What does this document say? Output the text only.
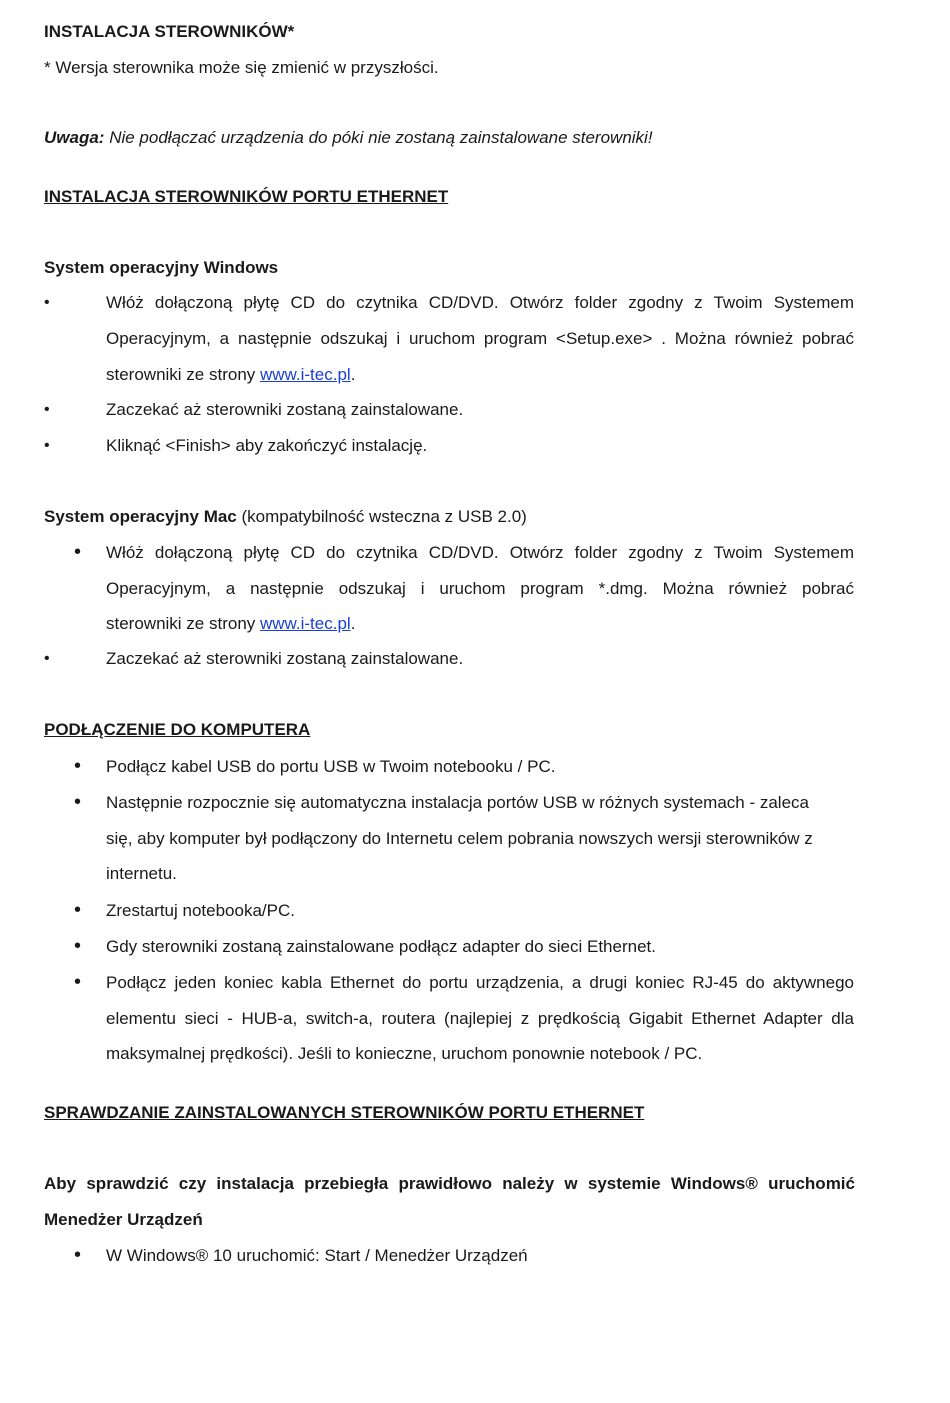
INSTALACJA STEROWNIKÓW*
* Wersja sterownika może się zmienić w przyszłości.
Uwaga: Nie podłączać urządzenia do póki nie zostaną zainstalowane sterowniki!
INSTALACJA STEROWNIKÓW PORTU ETHERNET
System operacyjny Windows
•	Włóż dołączoną płytę CD do czytnika CD/DVD. Otwórz folder zgodny z Twoim Systemem
Operacyjnym, a następnie odszukaj i uruchom program <Setup.exe> . Można również pobrać
sterowniki ze strony www.i-tec.pl.
•	Zaczekać aż sterowniki zostaną zainstalowane.
•	Kliknąć <Finish> aby zakończyć instalację.
System operacyjny Mac (kompatybilność wsteczna z USB 2.0)
• Włóż dołączoną płytę CD do czytnika CD/DVD. Otwórz folder zgodny z Twoim Systemem
Operacyjnym, a następnie odszukaj i uruchom program *.dmg. Można również pobrać
sterowniki ze strony www.i-tec.pl.
•	Zaczekać aż sterowniki zostaną zainstalowane.
PODŁĄCZENIE DO KOMPUTERA
• Podłącz kabel USB do portu USB w Twoim notebooku / PC.
• Następnie rozpocznie się automatyczna instalacja portów USB w różnych systemach - zaleca
się, aby komputer był podłączony do Internetu celem pobrania nowszych wersji sterowników z
internetu.
• Zrestartuj notebooka/PC.
• Gdy sterowniki zostaną zainstalowane podłącz adapter do sieci Ethernet.
• Podłącz jeden koniec kabla Ethernet do portu urządzenia, a drugi koniec RJ-45 do aktywnego
elementu sieci - HUB-a, switch-a, routera (najlepiej z prędkością Gigabit Ethernet Adapter dla
maksymalnej prędkości). Jeśli to konieczne, uruchom ponownie notebook / PC.
SPRAWDZANIE ZAINSTALOWANYCH STEROWNIKÓW PORTU ETHERNET
Aby sprawdzić czy instalacja przebiegła prawidłowo należy w systemie Windows® uruchomić
Menedżer Urządzeń
• W Windows® 10 uruchomić: Start / Menedżer Urządzeń
